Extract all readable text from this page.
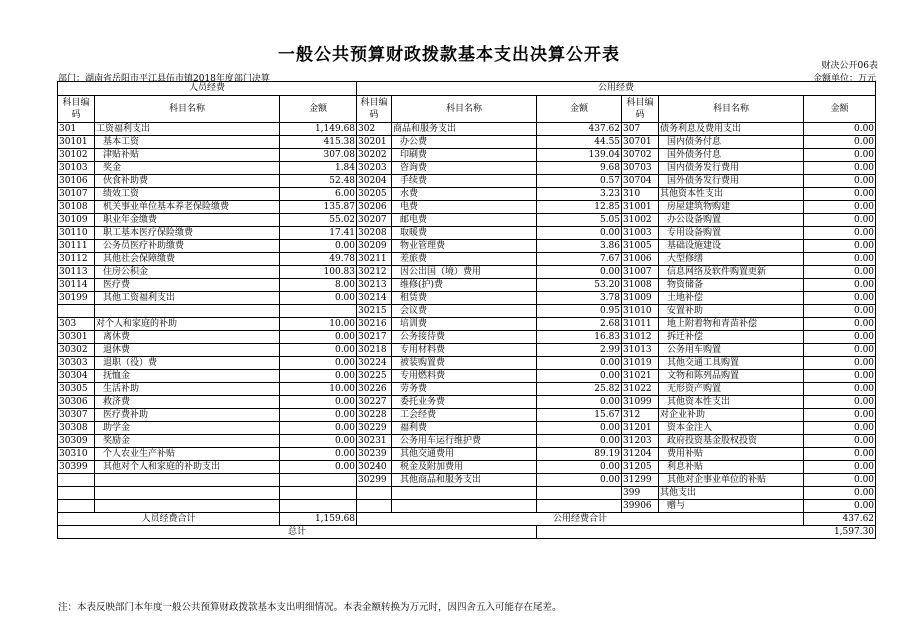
一般公共预算财政拨款基本支出决算公开表
财决公开06表
部门：湖南省岳阳市平江县伍市镇2018年度部门决算	金额单位：万元
人员经费			公用经费					
科目编码	科目名称	金额	科目编码	科目名称	金额	科目编码	科目名称	金额
301	工资福利支出	1,149.68	302	商品和服务支出	437.62	307	债务利息及费用支出	0.00
30101	基本工资	415.38	30201	办公费	44.55	30701	国内债务付息	0.00
30102	津贴补贴	307.08	30202	印刷费	139.04	30702	国外债务付息	0.00
30103	奖金	1.84	30203	咨询费	9.68	30703	国内债务发行费用	0.00
30106	伙食补助费	52.48	30204	手续费	0.57	30704	国外债务发行费用	0.00
30107	绩效工资	6.00	30205	水费	3.23	310	其他资本性支出	0.00
30108	机关事业单位基本养老保险缴费	135.87	30206	电费	12.85	31001	房屋建筑物购建	0.00
30109	职业年金缴费	55.02	30207	邮电费	5.05	31002	办公设备购置	0.00
30110	职工基本医疗保险缴费	17.41	30208	取暖费	0.00	31003	专用设备购置	0.00
30111	公务员医疗补助缴费	0.00	30209	物业管理费	3.86	31005	基础设施建设	0.00
30112	其他社会保障缴费	49.78	30211	差旅费	7.67	31006	大型修缮	0.00
30113	住房公积金	100.83	30212	因公出国（境）费用	0.00	31007	信息网络及软件购置更新	0.00
30114	医疗费	8.00	30213	维修(护)费	53.20	31008	物资储备	0.00
30199	其他工资福利支出	0.00	30214	租赁费	3.78	31009	土地补偿	0.00
			30215	会议费	0.95	31010	安置补助	0.00
303	对个人和家庭的补助	10.00	30216	培训费	2.68	31011	地上附着物和青苗补偿	0.00
30301	离休费	0.00	30217	公务接待费	16.83	31012	拆迁补偿	0.00
30302	退休费	0.00	30218	专用材料费	2.99	31013	公务用车购置	0.00
30303	退职（役）费	0.00	30224	被装购置费	0.00	31019	其他交通工具购置	0.00
30304	抚恤金	0.00	30225	专用燃料费	0.00	31021	文物和陈列品购置	0.00
30305	生活补助	10.00	30226	劳务费	25.82	31022	无形资产购置	0.00
30306	救济费	0.00	30227	委托业务费	0.00	31099	其他资本性支出	0.00
30307	医疗费补助	0.00	30228	工会经费	15.67	312	对企业补助	0.00
30308	助学金	0.00	30229	福利费	0.00	31201	资本金注入	0.00
30309	奖励金	0.00	30231	公务用车运行维护费	0.00	31203	政府投资基金股权投资	0.00
30310	个人农业生产补贴	0.00	30239	其他交通费用	89.19	31204	费用补贴	0.00
30399	其他对个人和家庭的补助支出	0.00	30240	税金及附加费用	0.00	31205	利息补贴	0.00
			30299	其他商品和服务支出	0.00	31299	其他对企事业单位的补贴	0.00
						399	其他支出	0.00
						39906	赠与	0.00
人员经费合计		1,159.68	公用经费合计					437.62
总计					1,597.30			
注：本表反映部门本年度一般公共预算财政拨款基本支出明细情况。本表金额转换为万元时，因四舍五入可能存在尾差。
